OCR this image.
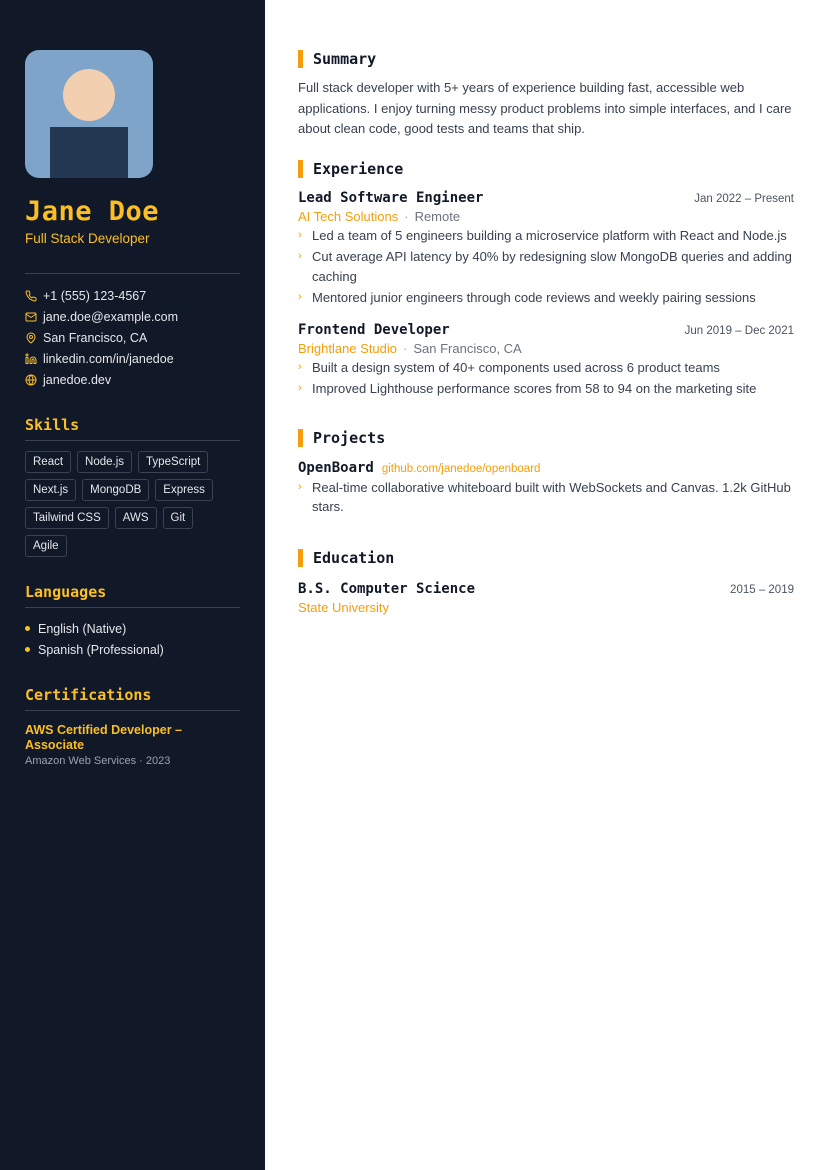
Jane Doe
Full Stack Developer
+1 (555) 123-4567
jane.doe@example.com
San Francisco, CA
linkedin.com/in/janedoe
janedoe.dev
Skills
React	Node.js	TypeScript
Next.js	MongoDB	Express
Tailwind CSS	AWS	Git
Agile
Languages
English (Native)
Spanish (Professional)
Certifications
AWS Certified Developer – Associate
Amazon Web Services · 2023
Summary

Full stack developer with 5+ years of experience building fast, accessible web applications. I enjoy turning messy product problems into simple interfaces, and I care about clean code, good tests and teams that ship.

Experience
Lead Software Engineer	Jan 2022 – Present
AI Tech Solutions · Remote
› Led a team of 5 engineers building a microservice platform with React and Node.js
› Cut average API latency by 40% by redesigning slow MongoDB queries and adding caching
› Mentored junior engineers through code reviews and weekly pairing sessions
Frontend Developer	Jun 2019 – Dec 2021
Brightlane Studio · San Francisco, CA
› Built a design system of 40+ components used across 6 product teams
› Improved Lighthouse performance scores from 58 to 94 on the marketing site
Projects
OpenBoard github.com/janedoe/openboard
› Real-time collaborative whiteboard built with WebSockets and Canvas. 1.2k GitHub stars.
Education
B.S. Computer Science	2015 – 2019
State University
